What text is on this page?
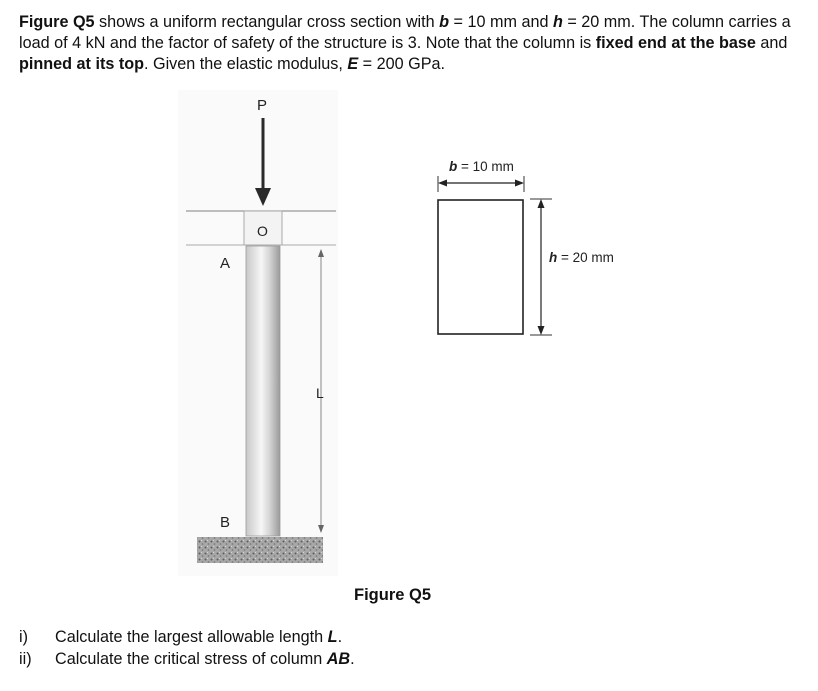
Figure Q5 shows a uniform rectangular cross section with b = 10 mm and h = 20 mm. The column carries a load of 4 kN and the factor of safety of the structure is 3. Note that the column is fixed end at the base and pinned at its top. Given the elastic modulus, E = 200 GPa.

P
O
A
B
L
b = 10 mm
h = 20 mm
Figure Q5
i) Calculate the largest allowable length L.
ii) Calculate the critical stress of column AB.
